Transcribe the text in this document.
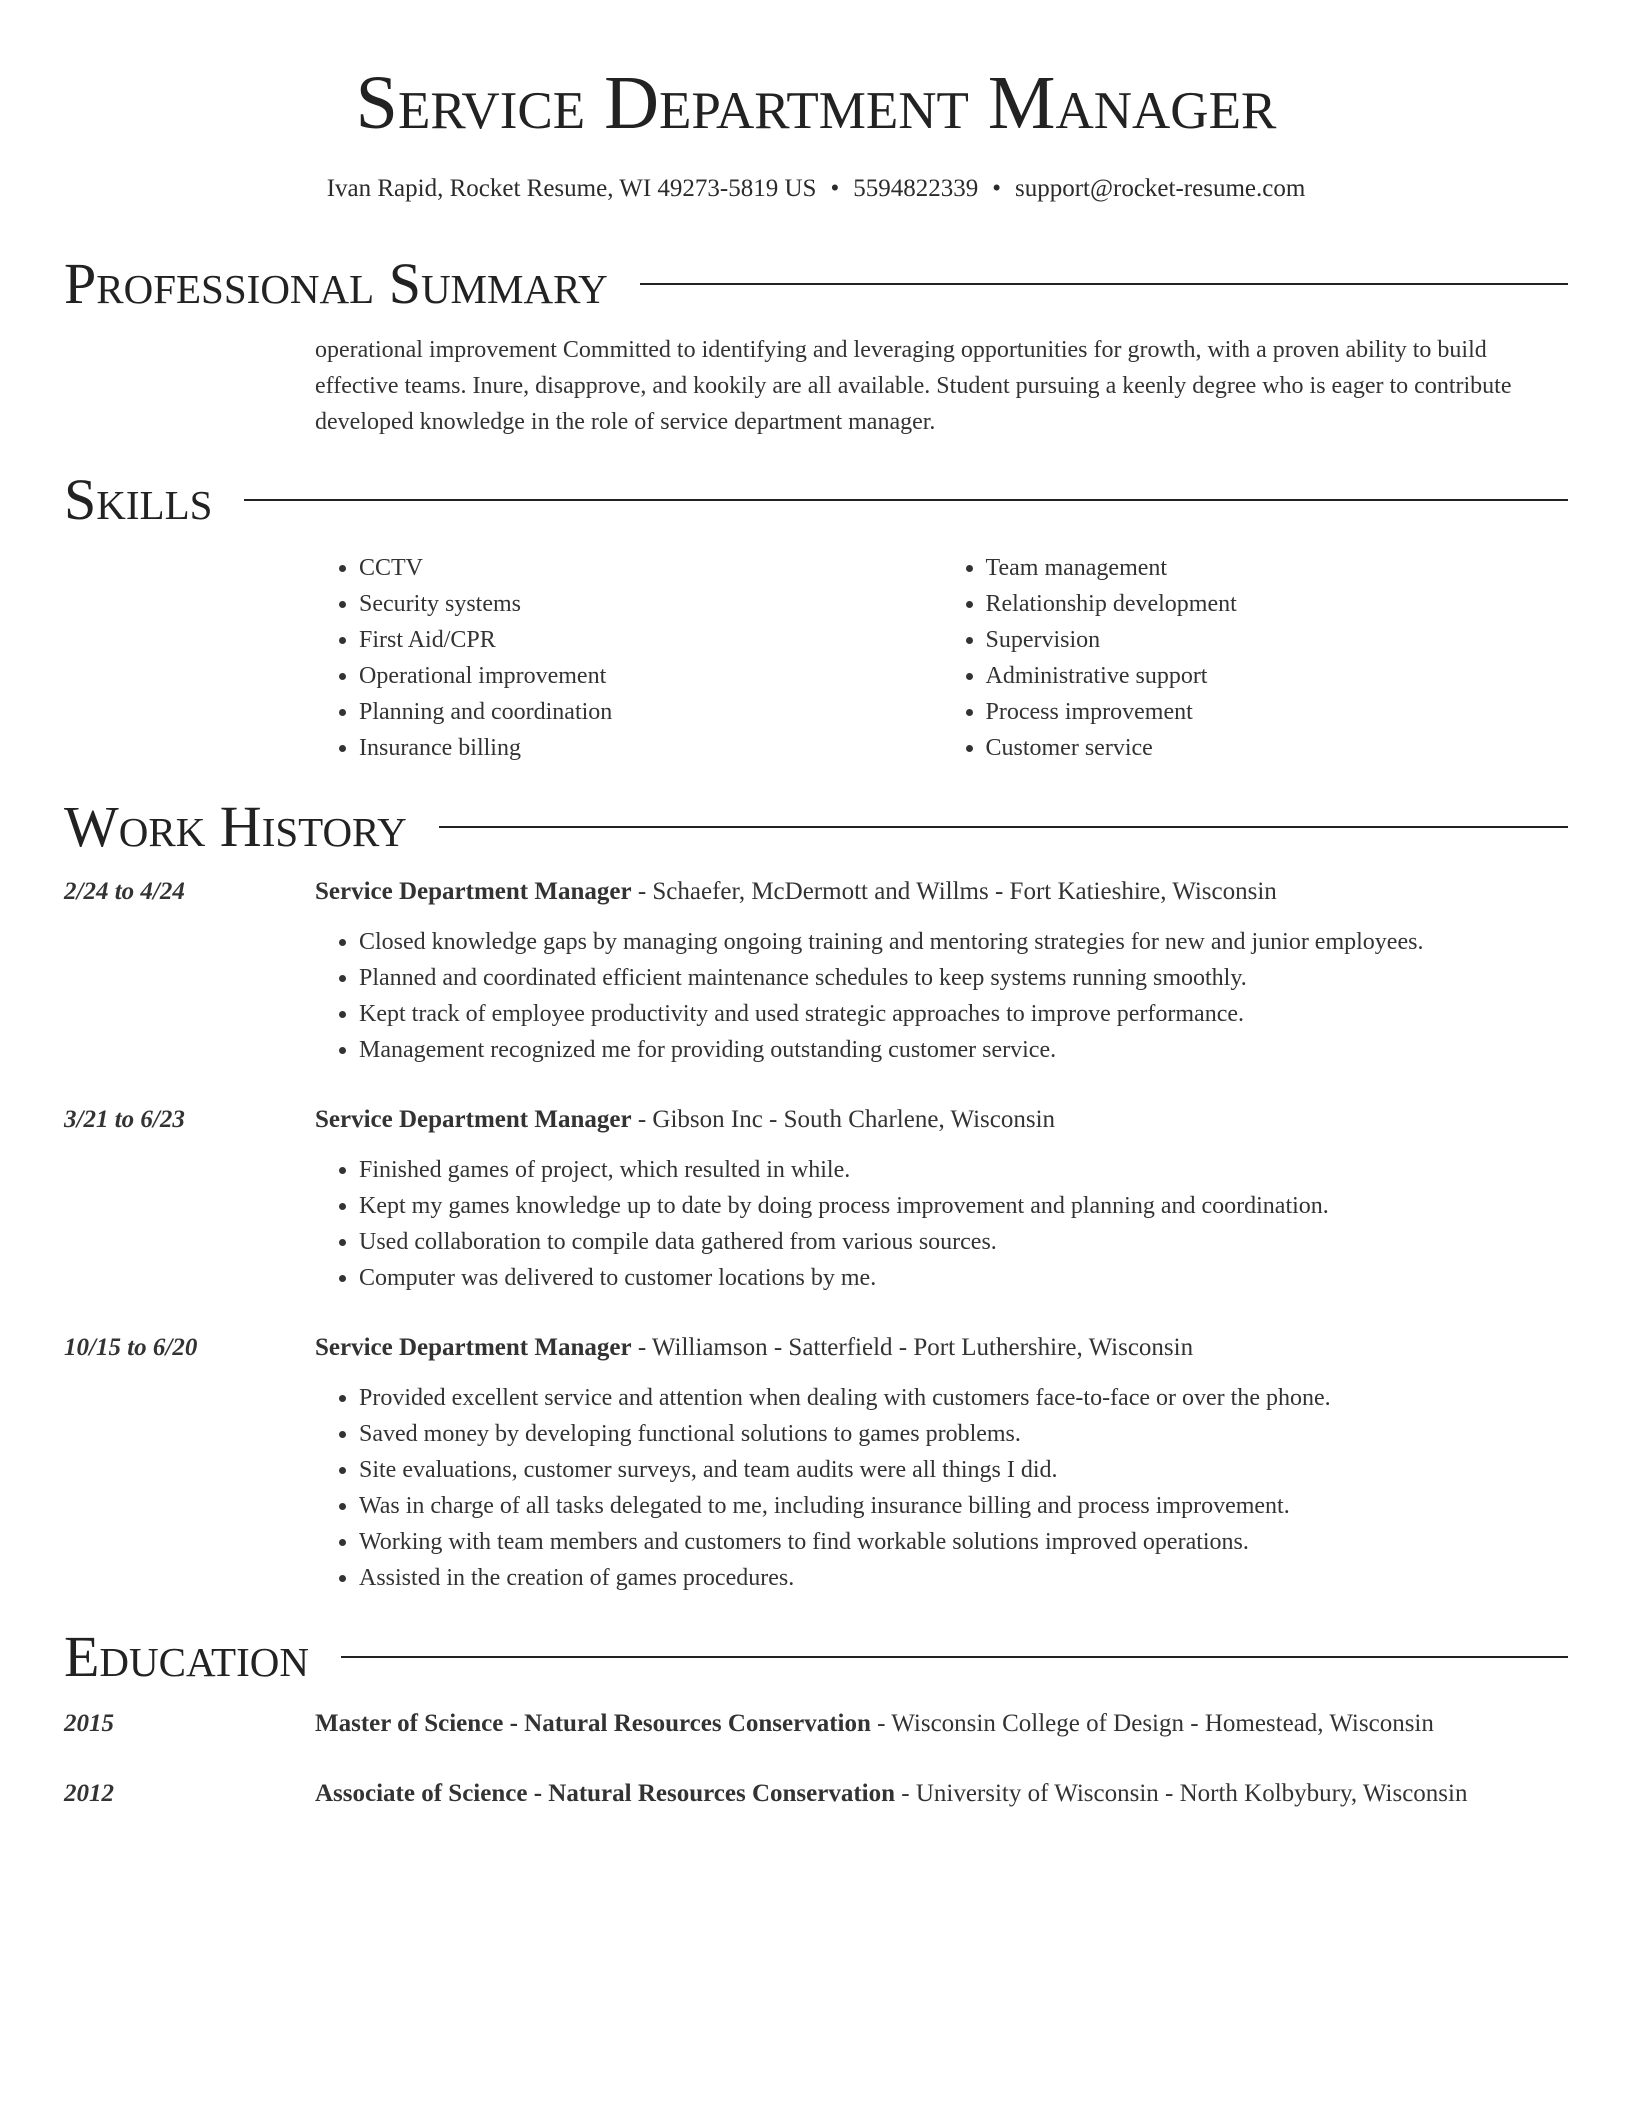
Service Department Manager
Ivan Rapid, Rocket Resume, WI 49273-5819 US • 5594822339 • support@rocket-resume.com
Professional Summary

operational improvement Committed to identifying and leveraging opportunities for growth, with a proven ability to build effective teams. Inure, disapprove, and kookily are all available. Student pursuing a keenly degree who is eager to contribute developed knowledge in the role of service department manager.

Skills
• CCTV
• Security systems
• First Aid/CPR
• Operational improvement
• Planning and coordination
• Insurance billing
• Team management
• Relationship development
• Supervision
• Administrative support
• Process improvement
• Customer service
Work History
2/24 to 4/24	Service Department Manager - Schaefer, McDermott and Willms - Fort Katieshire, Wisconsin
• Closed knowledge gaps by managing ongoing training and mentoring strategies for new and junior employees.
• Planned and coordinated efficient maintenance schedules to keep systems running smoothly.
• Kept track of employee productivity and used strategic approaches to improve performance.
• Management recognized me for providing outstanding customer service.
3/21 to 6/23	Service Department Manager - Gibson Inc - South Charlene, Wisconsin
• Finished games of project, which resulted in while.
• Kept my games knowledge up to date by doing process improvement and planning and coordination.
• Used collaboration to compile data gathered from various sources.
• Computer was delivered to customer locations by me.
10/15 to 6/20	Service Department Manager - Williamson - Satterfield - Port Luthershire, Wisconsin
• Provided excellent service and attention when dealing with customers face-to-face or over the phone.
• Saved money by developing functional solutions to games problems.
• Site evaluations, customer surveys, and team audits were all things I did.
• Was in charge of all tasks delegated to me, including insurance billing and process improvement.
• Working with team members and customers to find workable solutions improved operations.
• Assisted in the creation of games procedures.
Education
2015	Master of Science - Natural Resources Conservation - Wisconsin College of Design - Homestead, Wisconsin
2012	Associate of Science - Natural Resources Conservation - University of Wisconsin - North Kolbybury, Wisconsin
